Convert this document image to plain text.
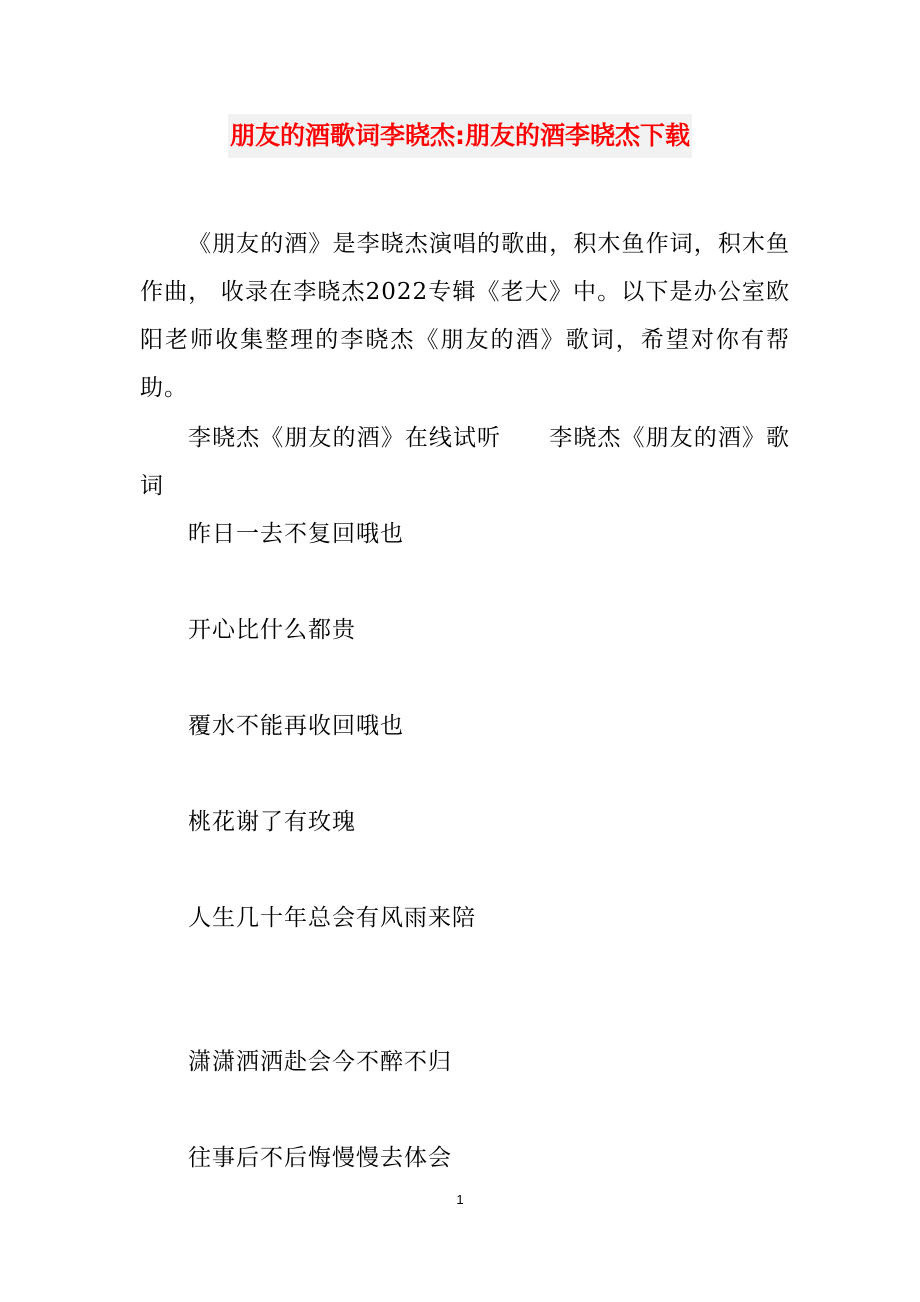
朋友的酒歌词李晓杰:朋友的酒李晓杰下载

《朋友的酒》是李晓杰演唱的歌曲，积木鱼作词，积木鱼作曲， 收录在李晓杰2022专辑《老大》中。以下是办公室欧阳老师收集整理的李晓杰《朋友的酒》歌词，希望对你有帮助。

李晓杰《朋友的酒》在线试听 李晓杰《朋友的酒》歌词

昨日一去不复回哦也
开心比什么都贵
覆水不能再收回哦也
桃花谢了有玫瑰
人生几十年总会有风雨来陪
潇潇洒洒赴会今不醉不归
往事后不后悔慢慢去体会
1
